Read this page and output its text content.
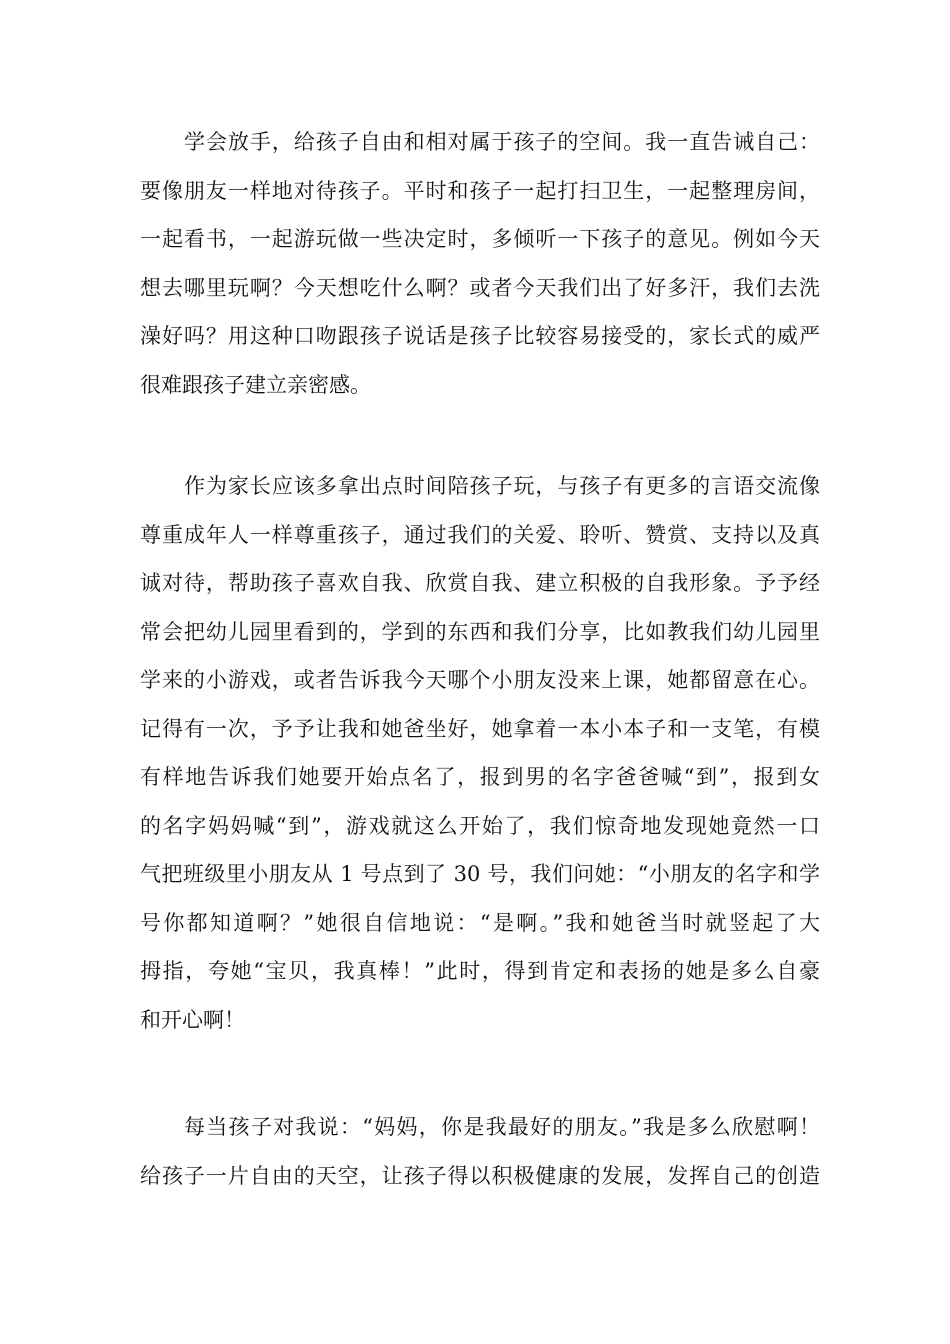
学会放手，给孩子自由和相对属于孩子的空间。我一直告诫自己：
要像朋友一样地对待孩子。平时和孩子一起打扫卫生，一起整理房间，
一起看书，一起游玩做一些决定时，多倾听一下孩子的意见。例如今天
想去哪里玩啊？今天想吃什么啊？或者今天我们出了好多汗，我们去洗
澡好吗？用这种口吻跟孩子说话是孩子比较容易接受的，家长式的威严
很难跟孩子建立亲密感。
作为家长应该多拿出点时间陪孩子玩，与孩子有更多的言语交流像
尊重成年人一样尊重孩子，通过我们的关爱、聆听、赞赏、支持以及真
诚对待，帮助孩子喜欢自我、欣赏自我、建立积极的自我形象。予予经
常会把幼儿园里看到的，学到的东西和我们分享，比如教我们幼儿园里
学来的小游戏，或者告诉我今天哪个小朋友没来上课，她都留意在心。
记得有一次，予予让我和她爸坐好，她拿着一本小本子和一支笔，有模
有样地告诉我们她要开始点名了，报到男的名字爸爸喊“到”，报到女
的名字妈妈喊“到”，游戏就这么开始了，我们惊奇地发现她竟然一口
气把班级里小朋友从 1 号点到了 30 号，我们问她：“小朋友的名字和学
号你都知道啊？”她很自信地说：“是啊。”我和她爸当时就竖起了大
拇指，夸她“宝贝，我真棒！”此时，得到肯定和表扬的她是多么自豪
和开心啊！
每当孩子对我说：“妈妈，你是我最好的朋友。”我是多么欣慰啊！
给孩子一片自由的天空，让孩子得以积极健康的发展，发挥自己的创造
